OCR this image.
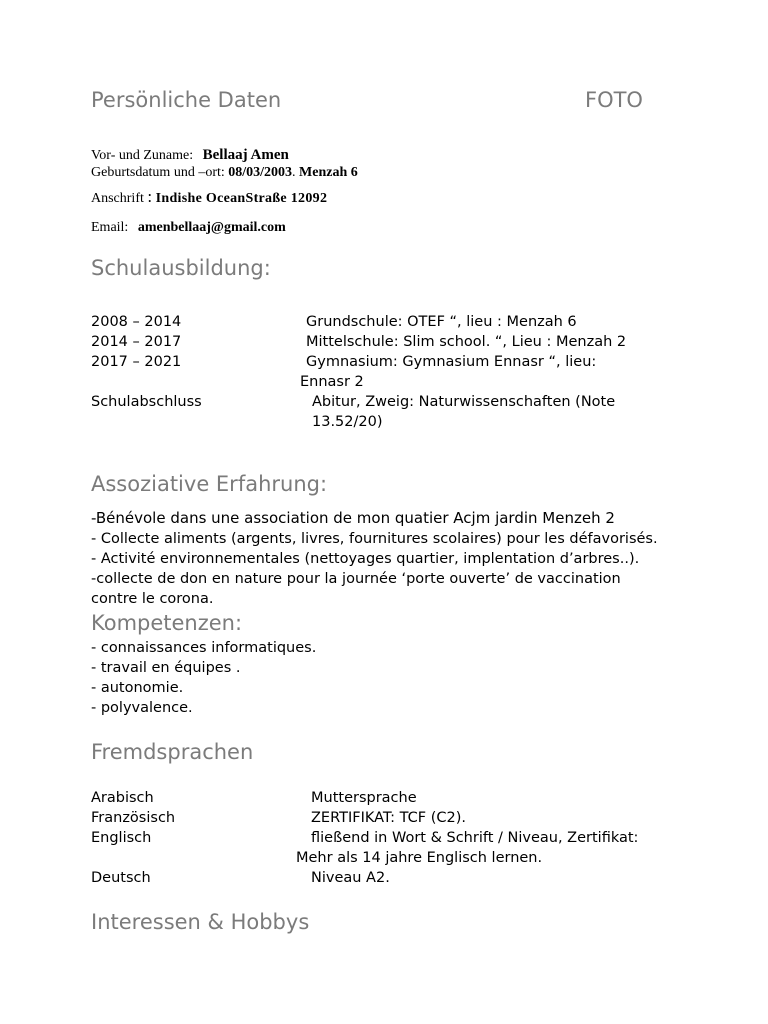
Persönliche Daten	FOTO
Vor- und Zuname: Bellaaj Amen
Geburtsdatum und –ort: 08/03/2003. Menzah 6
Anschrift : Indishe OceanStraße 12092
Email: amenbellaaj@gmail.com
Schulausbildung:
2008 – 2014	Grundschule: OTEF “, lieu : Menzah 6
2014 – 2017	Mittelschule: Slim school. “, Lieu : Menzah 2
2017 – 2021	Gymnasium: Gymnasium Ennasr “, lieu:
Ennasr 2
Schulabschluss	Abitur, Zweig: Naturwissenschaften (Note
13.52/20)
Assoziative Erfahrung:
-Bénévole dans une association de mon quatier Acjm jardin Menzeh 2
- Collecte aliments (argents, livres, fournitures scolaires) pour les défavorisés.
- Activité environnementales (nettoyages quartier, implentation d’arbres..).
-collecte de don en nature pour la journée ‘porte ouverte’ de vaccination
contre le corona.
Kompetenzen:
- connaissances informatiques.
- travail en équipes .
- autonomie.
- polyvalence.
Fremdsprachen
Arabisch	Muttersprache
Französisch	ZERTIFIKAT: TCF (C2).
Englisch	fließend in Wort & Schrift / Niveau, Zertifikat:
Mehr als 14 jahre Englisch lernen.
Deutsch	Niveau A2.
Interessen & Hobbys
